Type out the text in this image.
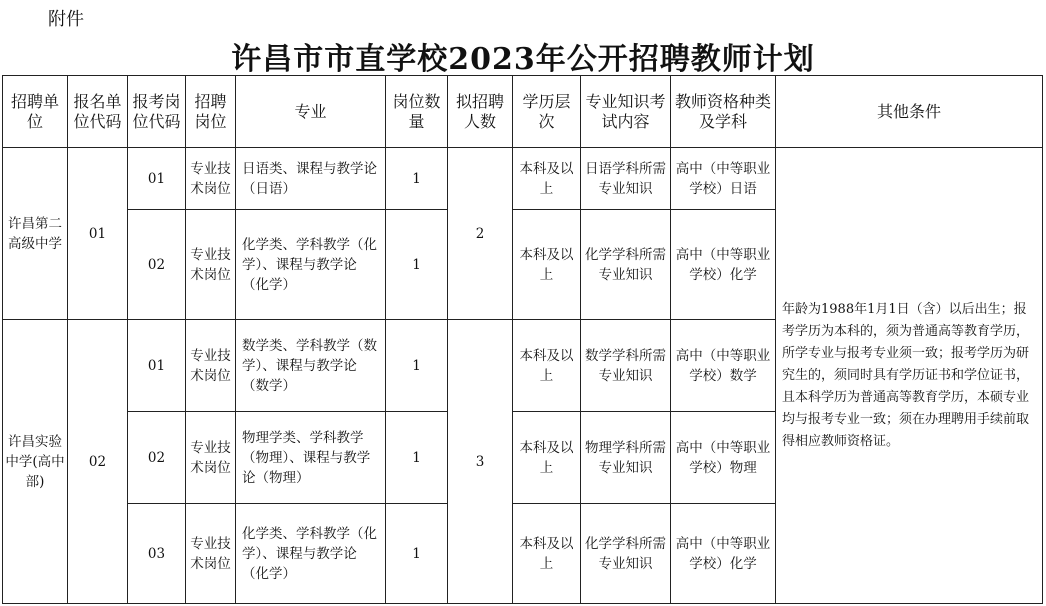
附件
许昌市市直学校2023年公开招聘教师计划
招聘单位	报名单位代码	报考岗位代码	招聘岗位	专业	岗位数量	拟招聘人数	学历层次	专业知识考试内容	教师资格种类及学科	其他条件
许昌第二高级中学	01	01	专业技术岗位	日语类、课程与教学论（日语）	1	2	本科及以上	日语学科所需专业知识	高中（中等职业学校）日语	年龄为1988年1月1日（含）以后出生；报考学历为本科的，须为普通高等教育学历，所学专业与报考专业须一致；报考学历为研究生的，须同时具有学历证书和学位证书，且本科学历为普通高等教育学历，本硕专业均与报考专业一致；须在办理聘用手续前取得相应教师资格证。
		02	专业技术岗位	化学类、学科教学（化学）、课程与教学论（化学）	1		本科及以上	化学学科所需专业知识	高中（中等职业学校）化学	
许昌实验中学(高中部)	02	01	专业技术岗位	数学类、学科教学（数学）、课程与教学论（数学）	1	3	本科及以上	数学学科所需专业知识	高中（中等职业学校）数学	
		02	专业技术岗位	物理学类、学科教学（物理）、课程与教学论（物理）	1		本科及以上	物理学科所需专业知识	高中（中等职业学校）物理	
		03	专业技术岗位	化学类、学科教学（化学）、课程与教学论（化学）	1		本科及以上	化学学科所需专业知识	高中（中等职业学校）化学	
